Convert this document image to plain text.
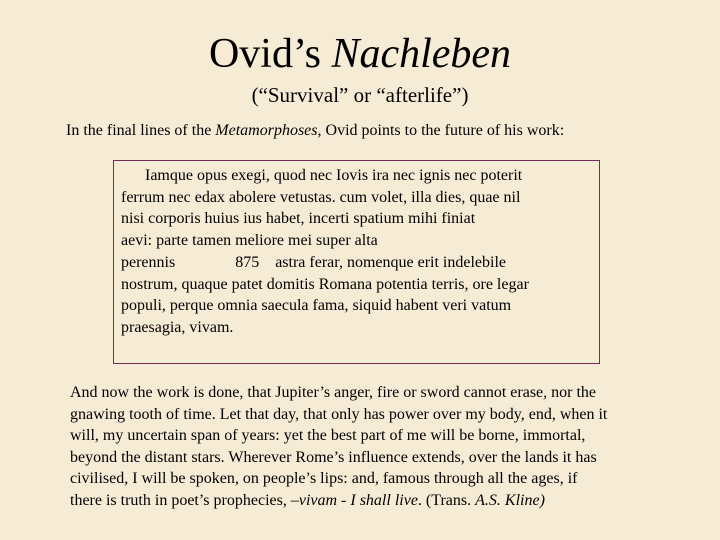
Ovid’s Nachleben
(“Survival” or “afterlife”)
In the final lines of the Metamorphoses, Ovid points to the future of his work:
Iamque opus exegi, quod nec Iovis ira nec ignis nec poterit
ferrum nec edax abolere vetustas. cum volet, illa dies, quae nil
nisi corporis huius ius habet, incerti spatium mihi finiat
aevi: parte tamen meliore mei super alta
perennis	875 astra ferar, nomenque erit indelebile
nostrum, quaque patet domitis Romana potentia terris, ore legar
populi, perque omnia saecula fama, siquid habent veri vatum
praesagia, vivam.
And now the work is done, that Jupiter’s anger, fire or sword cannot erase, nor the
gnawing tooth of time. Let that day, that only has power over my body, end, when it
will, my uncertain span of years: yet the best part of me will be borne, immortal,
beyond the distant stars. Wherever Rome’s influence extends, over the lands it has
civilised, I will be spoken, on people’s lips: and, famous through all the ages, if
there is truth in poet’s prophecies, –vivam - I shall live. (Trans. A.S. Kline)
